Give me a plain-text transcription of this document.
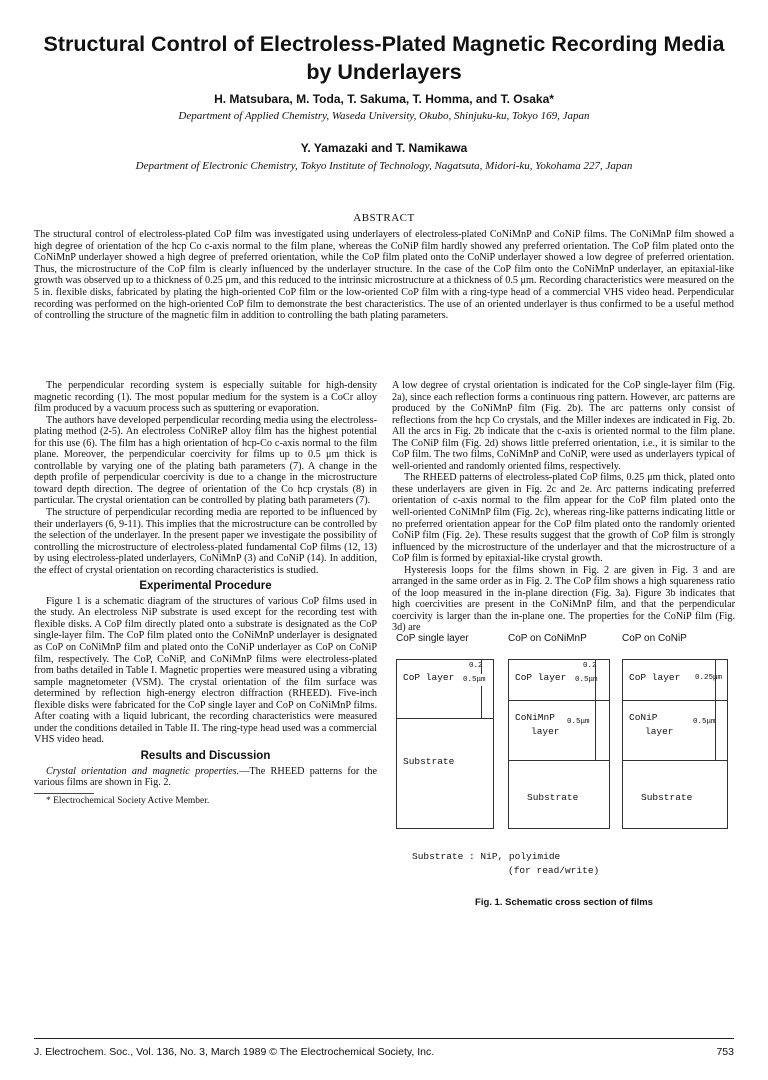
Structural Control of Electroless-Plated Magnetic Recording Media by Underlayers
H. Matsubara, M. Toda, T. Sakuma, T. Homma, and T. Osaka*
Department of Applied Chemistry, Waseda University, Okubo, Shinjuku-ku, Tokyo 169, Japan
Y. Yamazaki and T. Namikawa
Department of Electronic Chemistry, Tokyo Institute of Technology, Nagatsuta, Midori-ku, Yokohama 227, Japan
ABSTRACT

The structural control of electroless-plated CoP film was investigated using underlayers of electroless-plated CoNiMnP and CoNiP films. The CoNiMnP film showed a high degree of orientation of the hcp Co c-axis normal to the film plane, whereas the CoNiP film hardly showed any preferred orientation. The CoP film plated onto the CoNiMnP underlayer showed a high degree of preferred orientation, while the CoP film plated onto the CoNiP underlayer showed a low degree of preferred orientation. Thus, the microstructure of the CoP film is clearly influenced by the underlayer structure. In the case of the CoP film onto the CoNiMnP underlayer, an epitaxial-like growth was observed up to a thickness of 0.25 μm, and this reduced to the intrinsic microstructure at a thickness of 0.5 μm. Recording characteristics were measured on the 5 in. flexible disks, fabricated by plating the high-oriented CoP film or the low-oriented CoP film with a ring-type head of a commercial VHS video head. Perpendicular recording was performed on the high-oriented CoP film to demonstrate the best characteristics. The use of an oriented underlayer is thus confirmed to be a useful method of controlling the structure of the magnetic film in addition to controlling the bath plating parameters.

The perpendicular recording system is especially suitable for high-density magnetic recording (1). The most popular medium for the system is a CoCr alloy film produced by a vacuum process such as sputtering or evaporation.

The authors have developed perpendicular recording media using the electroless-plating method (2-5). An electroless CoNiReP alloy film has the highest potential for this use (6). The film has a high orientation of hcp-Co c-axis normal to the film plane. Moreover, the perpendicular coercivity for films up to 0.5 μm thick is controllable by varying one of the plating bath parameters (7). A change in the depth profile of perpendicular coercivity is due to a change in the microstructure toward depth direction. The degree of orientation of the Co hcp crystals (8) in particular. The crystal orientation can be controlled by plating bath parameters (7).

The structure of perpendicular recording media are reported to be influenced by their underlayers (6, 9-11). This implies that the microstructure can be controlled by the selection of the underlayer. In the present paper we investigate the possibility of controlling the microstructure of electroless-plated fundamental CoP films (12, 13) by using electroless-plated underlayers, CoNiMnP (3) and CoNiP (14). In addition, the effect of crystal orientation on recording characteristics is studied.

Experimental Procedure

Figure 1 is a schematic diagram of the structures of various CoP films used in the study. An electroless NiP substrate is used except for the recording test with flexible disks. A CoP film directly plated onto a substrate is designated as the CoP single-layer film. The CoP film plated onto the CoNiMnP underlayer is designated as CoP on CoNiMnP film and plated onto the CoNiP underlayer as CoP on CoNiP film, respectively. The CoP, CoNiP, and CoNiMnP films were electroless-plated from baths detailed in Table I. Magnetic properties were measured using a vibrating sample magnetometer (VSM). The crystal orientation of the film surface was determined by reflection high-energy electron diffraction (RHEED). Five-inch flexible disks were fabricated for the CoP single layer and CoP on CoNiMnP films. After coating with a liquid lubricant, the recording characteristics were measured under the conditions detailed in Table II. The ring-type head used was a commercial VHS video head.

Results and Discussion

Crystal orientation and magnetic properties.—The RHEED patterns for the various films are shown in Fig. 2.

* Electrochemical Society Active Member.

A low degree of crystal orientation is indicated for the CoP single-layer film (Fig. 2a), since each reflection forms a continuous ring pattern. However, arc patterns are produced by the CoNiMnP film (Fig. 2b). The arc patterns only consist of reflections from the hcp Co crystals, and the Miller indexes are indicated in Fig. 2b. All the arcs in Fig. 2b indicate that the c-axis is oriented normal to the film plane. The CoNiP film (Fig. 2d) shows little preferred orientation, i.e., it is similar to the CoP film. The two films, CoNiMnP and CoNiP, were used as underlayers typical of well-oriented and randomly oriented films, respectively.

The RHEED patterns of electroless-plated CoP films, 0.25 μm thick, plated onto these underlayers are given in Fig. 2c and 2e. Arc patterns indicating preferred orientation of c-axis normal to the film appear for the CoP film plated onto the well-oriented CoNiMnP film (Fig. 2c), whereas ring-like patterns indicating little or no preferred orientation appear for the CoP film plated onto the randomly oriented CoNiP film (Fig. 2e). These results suggest that the growth of CoP film is strongly influenced by the microstructure of the underlayer and that the microstructure of a CoP film is formed by epitaxial-like crystal growth.

Hysteresis loops for the films shown in Fig. 2 are given in Fig. 3 and are arranged in the same order as in Fig. 2. The CoP film shows a high squareness ratio of the loop measured in the in-plane direction (Fig. 3a). Figure 3b indicates that high coercivities are present in the CoNiMnP film, and that the perpendicular coercivity is larger than the in-plane one. The properties for the CoNiP film (Fig. 3d) are

CoP single layer	CoP on CoNiMnP	CoP on CoNiP
CoP layer
0.2
0.5μm
Substrate
CoP layer
0.2
0.5μm
CoNiMnP
layer
0.5μm
Substrate
CoP layer 0.25μm
CoNiP
layer
0.5μm
Substrate
Substrate : NiP, polyimide
(for read/write)
Fig. 1. Schematic cross section of films
J. Electrochem. Soc., Vol. 136, No. 3, March 1989 © The Electrochemical Society, Inc.	753
